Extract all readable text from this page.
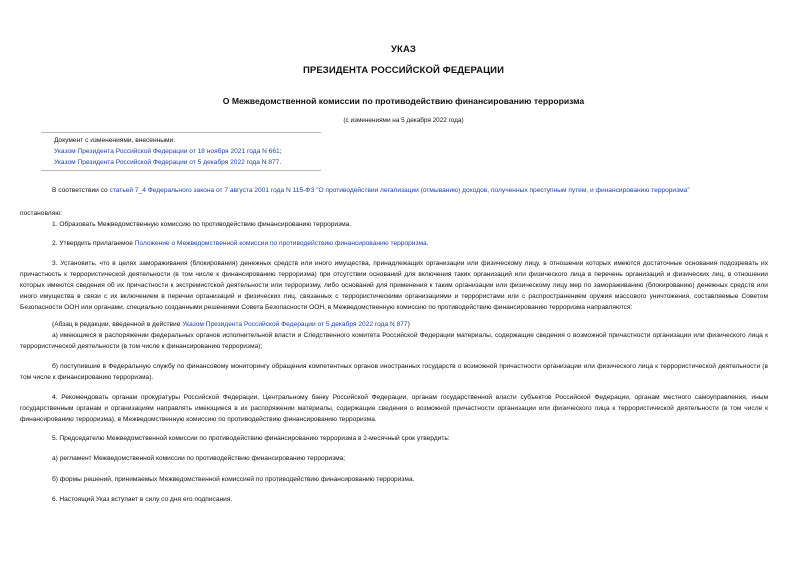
УКАЗ
ПРЕЗИДЕНТА РОССИЙСКОЙ ФЕДЕРАЦИИ
О Межведомственной комиссии по противодействию финансированию терроризма
(с изменениями на 5 декабря 2022 года)
Документ с изменениями, внесенными:
Указом Президента Российской Федерации от 18 ноября 2021 года N 661;
Указом Президента Российской Федерации от 5 декабря 2022 года N 877.
В соответствии со статьей 7_4 Федерального закона от 7 августа 2001 года N 115-ФЗ "О противодействии легализации (отмыванию) доходов, полученных преступным путем, и финансированию терроризма"
постановляю:
1. Образовать Межведомственную комиссию по противодействию финансированию терроризма.
2. Утвердить прилагаемое Положение о Межведомственной комиссии по противодействию финансированию терроризма.
3. Установить, что в целях замораживания (блокирования) денежных средств или иного имущества, принадлежащих организации или физическому лицу, в отношении которых имеются достаточные основания подозревать их причастность к террористической деятельности (в том числе к финансированию терроризма) при отсутствии оснований для включения таких организаций или физического лица в перечень организаций и физических лиц, в отношении которых имеются сведения об их причастности к экстремистской деятельности или терроризму, либо оснований для применения к таким организации или физическому лицу мер по замораживанию (блокированию) денежных средств или иного имущества в связи с их включением в перечни организаций и физических лиц, связанных с террористическими организациями и террористами или с распространением оружия массового уничтожения, составляемые Советом Безопасности ООН или органами, специально созданными решениями Совета Безопасности ООН, в Межведомственную комиссию по противодействию финансированию терроризма направляются:
(Абзац в редакции, введенной в действие Указом Президента Российской Федерации от 5 декабря 2022 года N 877)
а) имеющиеся в распоряжении федеральных органов исполнительной власти и Следственного комитета Российской Федерации материалы, содержащие сведения о возможной причастности организации или физического лица к террористической деятельности (в том числе к финансированию терроризма);
б) поступившие в Федеральную службу по финансовому мониторингу обращения компетентных органов иностранных государств о возможной причастности организации или физического лица к террористической деятельности (в том числе к финансированию терроризма).
4. Рекомендовать органам прокуратуры Российской Федерации, Центральному банку Российской Федерации, органам государственной власти субъектов Российской Федерации, органам местного самоуправления, иным государственным органам и организациям направлять имеющиеся в их распоряжении материалы, содержащие сведения о возможной причастности организации или физического лица к террористической деятельности (в том числе к финансированию терроризма), в Межведомственную комиссию по противодействию финансированию терроризма.
5. Председателю Межведомственной комиссии по противодействию финансированию терроризма в 2-месячный срок утвердить:
а) регламент Межведомственной комиссии по противодействию финансированию терроризма;
б) формы решений, принимаемых Межведомственной комиссией по противодействию финансированию терроризма.
6. Настоящий Указ вступает в силу со дня его подписания.
